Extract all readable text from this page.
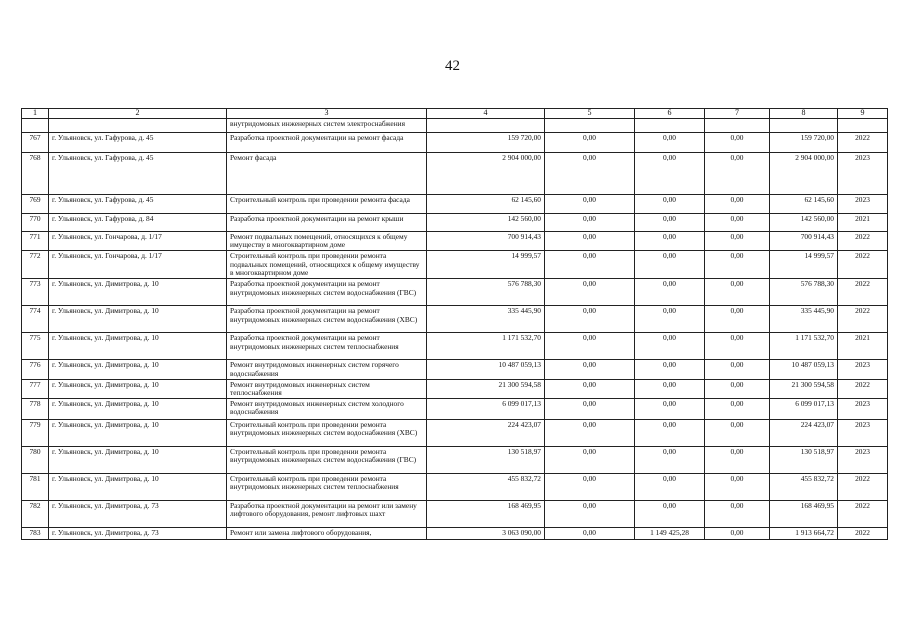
42
1	2	3	4	5	6	7	8	9
		внутридомовых инженерных систем электроснабжения						
767	г. Ульяновск, ул. Гафурова, д. 45	Разработка проектной документации на ремонт фасада	159 720,00	0,00	0,00	0,00	159 720,00	2022
768	г. Ульяновск, ул. Гафурова, д. 45	Ремонт фасада	2 904 000,00	0,00	0,00	0,00	2 904 000,00	2023
769	г. Ульяновск, ул. Гафурова, д. 45	Строительный контроль при проведении ремонта фасада	62 145,60	0,00	0,00	0,00	62 145,60	2023
770	г. Ульяновск, ул. Гафурова, д. 84	Разработка проектной документации на ремонт крыши	142 560,00	0,00	0,00	0,00	142 560,00	2021
771	г. Ульяновск, ул. Гончарова, д. 1/17	Ремонт подвальных помещений, относящихся к общему имуществу в многоквартирном доме	700 914,43	0,00	0,00	0,00	700 914,43	2022
772	г. Ульяновск, ул. Гончарова, д. 1/17	Строительный контроль при проведении ремонта подвальных помещений, относящихся к общему имуществу в многоквартирном доме	14 999,57	0,00	0,00	0,00	14 999,57	2022
773	г. Ульяновск, ул. Димитрова, д. 10	Разработка проектной документации на ремонт внутридомовых инженерных систем водоснабжения (ГВС)	576 788,30	0,00	0,00	0,00	576 788,30	2022
774	г. Ульяновск, ул. Димитрова, д. 10	Разработка проектной документации на ремонт внутридомовых инженерных систем водоснабжения (ХВС)	335 445,90	0,00	0,00	0,00	335 445,90	2022
775	г. Ульяновск, ул. Димитрова, д. 10	Разработка проектной документации на ремонт внутридомовых инженерных систем теплоснабжения	1 171 532,70	0,00	0,00	0,00	1 171 532,70	2021
776	г. Ульяновск, ул. Димитрова, д. 10	Ремонт внутридомовых инженерных систем горячего водоснабжения	10 487 059,13	0,00	0,00	0,00	10 487 059,13	2023
777	г. Ульяновск, ул. Димитрова, д. 10	Ремонт внутридомовых инженерных систем теплоснабжения	21 300 594,58	0,00	0,00	0,00	21 300 594,58	2022
778	г. Ульяновск, ул. Димитрова, д. 10	Ремонт внутридомовых инженерных систем холодного водоснабжения	6 099 017,13	0,00	0,00	0,00	6 099 017,13	2023
779	г. Ульяновск, ул. Димитрова, д. 10	Строительный контроль при проведении ремонта внутридомовых инженерных систем водоснабжения (ХВС)	224 423,07	0,00	0,00	0,00	224 423,07	2023
780	г. Ульяновск, ул. Димитрова, д. 10	Строительный контроль при проведении ремонта внутридомовых инженерных систем водоснабжения (ГВС)	130 518,97	0,00	0,00	0,00	130 518,97	2023
781	г. Ульяновск, ул. Димитрова, д. 10	Строительный контроль при проведении ремонта внутридомовых инженерных систем теплоснабжения	455 832,72	0,00	0,00	0,00	455 832,72	2022
782	г. Ульяновск, ул. Димитрова, д. 73	Разработка проектной документации на ремонт или замену лифтового оборудования, ремонт лифтовых шахт	168 469,95	0,00	0,00	0,00	168 469,95	2022
783	г. Ульяновск, ул. Димитрова, д. 73	Ремонт или замена лифтового оборудования,	3 063 090,00	0,00	1 149 425,28	0,00	1 913 664,72	2022
